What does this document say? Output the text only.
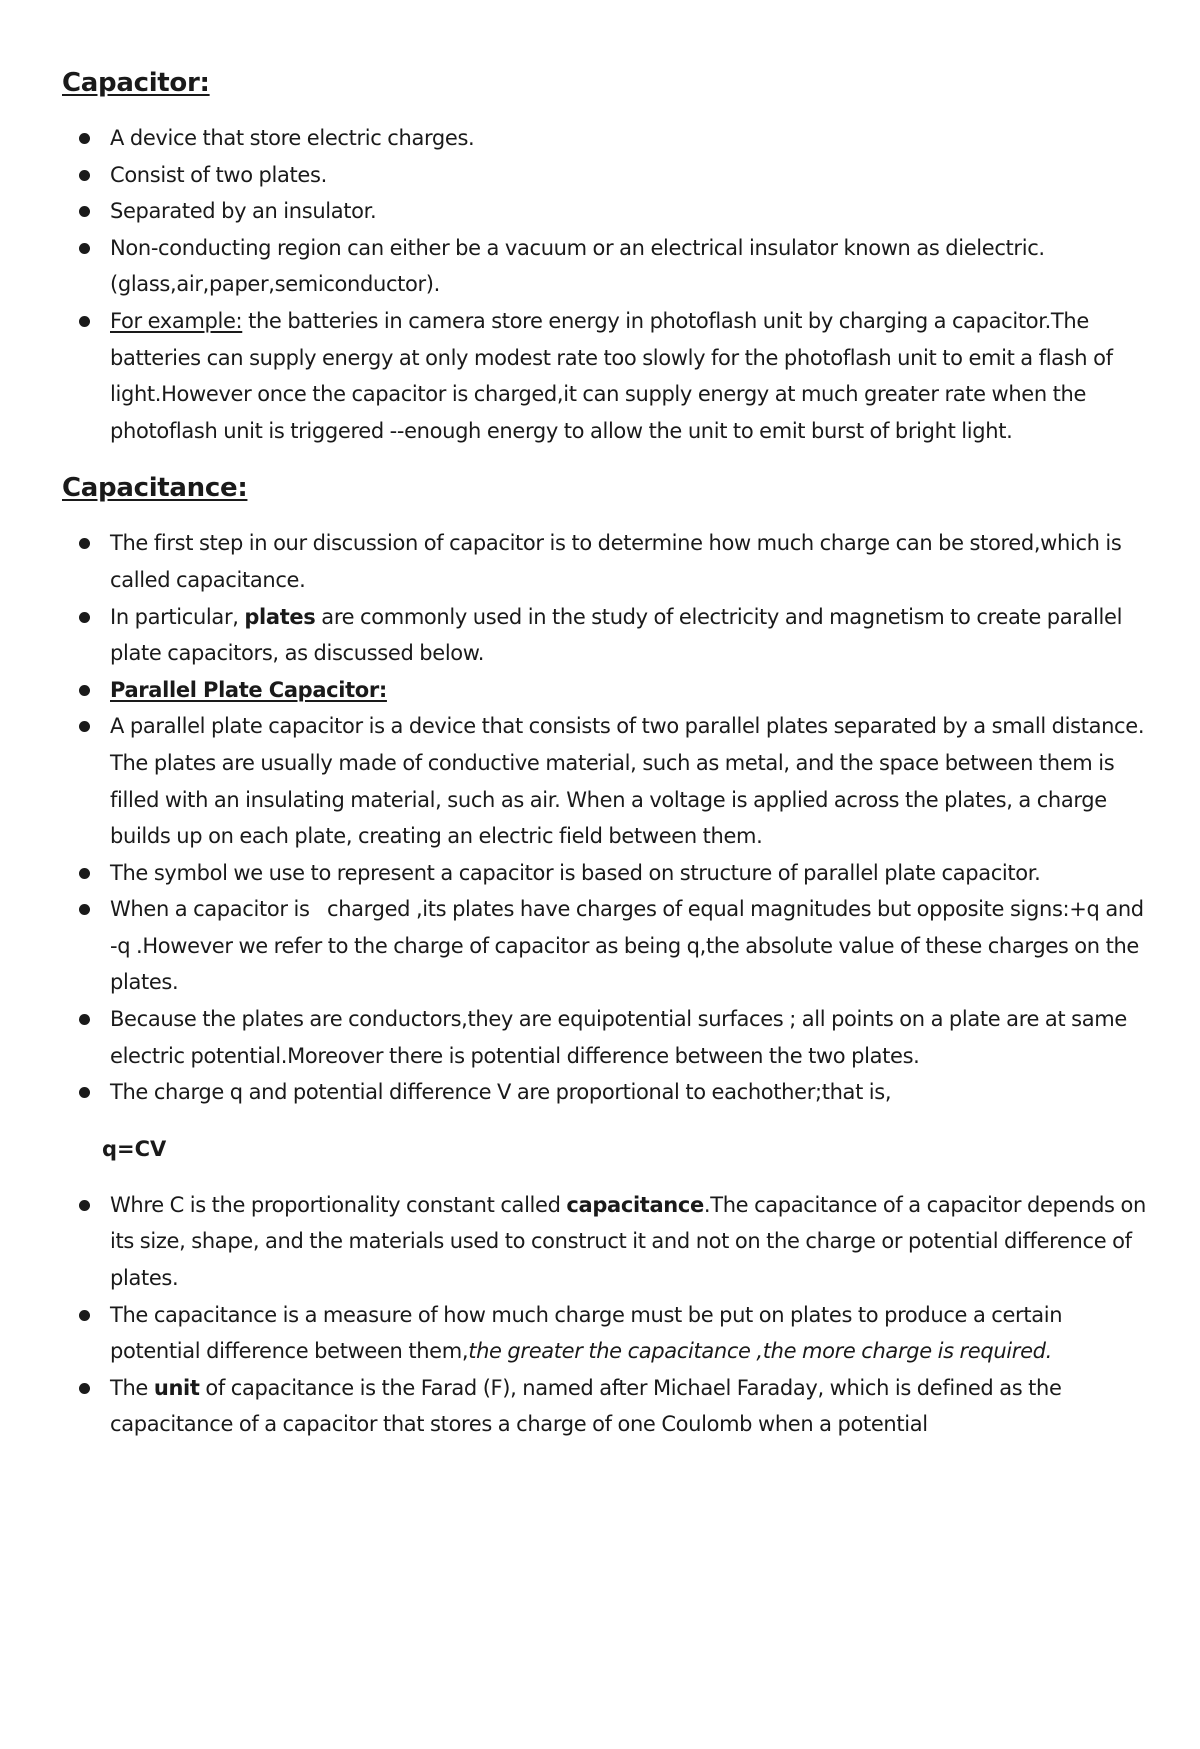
Capacitor:
A device that store electric charges.
Consist of two plates.
Separated by an insulator.
Non-conducting region can either be a vacuum or an electrical insulator known as dielectric.(glass,air,paper,semiconductor).
For example: the batteries in camera store energy in photoflash unit by charging a capacitor.The batteries can supply energy at only modest rate too slowly for the photoflash unit to emit a flash of light.However once the capacitor is charged,it can supply energy at much greater rate when the photoflash unit is triggered --enough energy to allow the unit to emit burst of bright light.
Capacitance:
The first step in our discussion of capacitor is to determine how much charge can be stored,which is called capacitance.
In particular, plates are commonly used in the study of electricity and magnetism to create parallel plate capacitors, as discussed below.
Parallel Plate Capacitor:
A parallel plate capacitor is a device that consists of two parallel plates separated by a small distance. The plates are usually made of conductive material, such as metal, and the space between them is filled with an insulating material, such as air. When a voltage is applied across the plates, a charge builds up on each plate, creating an electric field between them.
The symbol we use to represent a capacitor is based on structure of parallel plate capacitor.
When a capacitor is   charged ,its plates have charges of equal magnitudes but opposite signs:+q and -q .However we refer to the charge of capacitor as being q,the absolute value of these charges on the plates.
Because the plates are conductors,they are equipotential surfaces ; all points on a plate are at same electric potential.Moreover there is potential difference between the two plates.
The charge q and potential difference V are proportional to eachother;that is,
q=CV
Whre C is the proportionality constant called capacitance.The capacitance of a capacitor depends on its size, shape, and the materials used to construct it and not on the charge or potential difference of plates.
The capacitance is a measure of how much charge must be put on plates to produce a certain potential difference between them,the greater the capacitance ,the more charge is required.
The unit of capacitance is the Farad (F), named after Michael Faraday, which is defined as the capacitance of a capacitor that stores a charge of one Coulomb when a potential
